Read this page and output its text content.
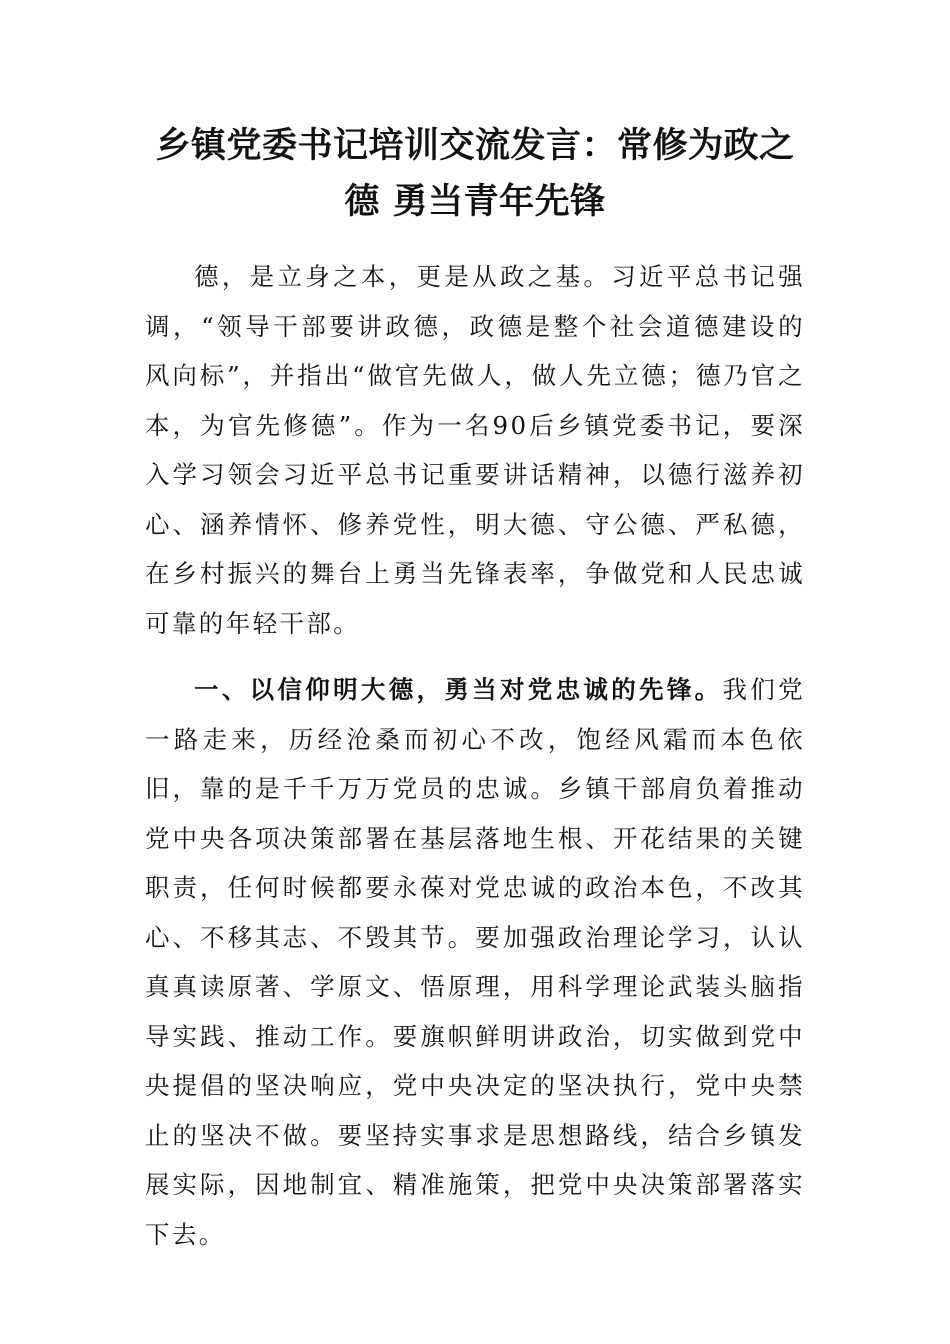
乡镇党委书记培训交流发言：常修为政之德 勇当青年先锋

德，是立身之本，更是从政之基。习近平总书记强调，“领导干部要讲政德，政德是整个社会道德建设的风向标”，并指出“做官先做人，做人先立德；德乃官之本，为官先修德”。作为一名90后乡镇党委书记，要深入学习领会习近平总书记重要讲话精神，以德行滋养初心、涵养情怀、修养党性，明大德、守公德、严私德，在乡村振兴的舞台上勇当先锋表率，争做党和人民忠诚可靠的年轻干部。

一、以信仰明大德，勇当对党忠诚的先锋。我们党一路走来，历经沧桑而初心不改，饱经风霜而本色依旧，靠的是千千万万党员的忠诚。乡镇干部肩负着推动党中央各项决策部署在基层落地生根、开花结果的关键职责，任何时候都要永葆对党忠诚的政治本色，不改其心、不移其志、不毁其节。要加强政治理论学习，认认真真读原著、学原文、悟原理，用科学理论武装头脑指导实践、推动工作。要旗帜鲜明讲政治，切实做到党中央提倡的坚决响应，党中央决定的坚决执行，党中央禁止的坚决不做。要坚持实事求是思想路线，结合乡镇发展实际，因地制宜、精准施策，把党中央决策部署落实下去。
